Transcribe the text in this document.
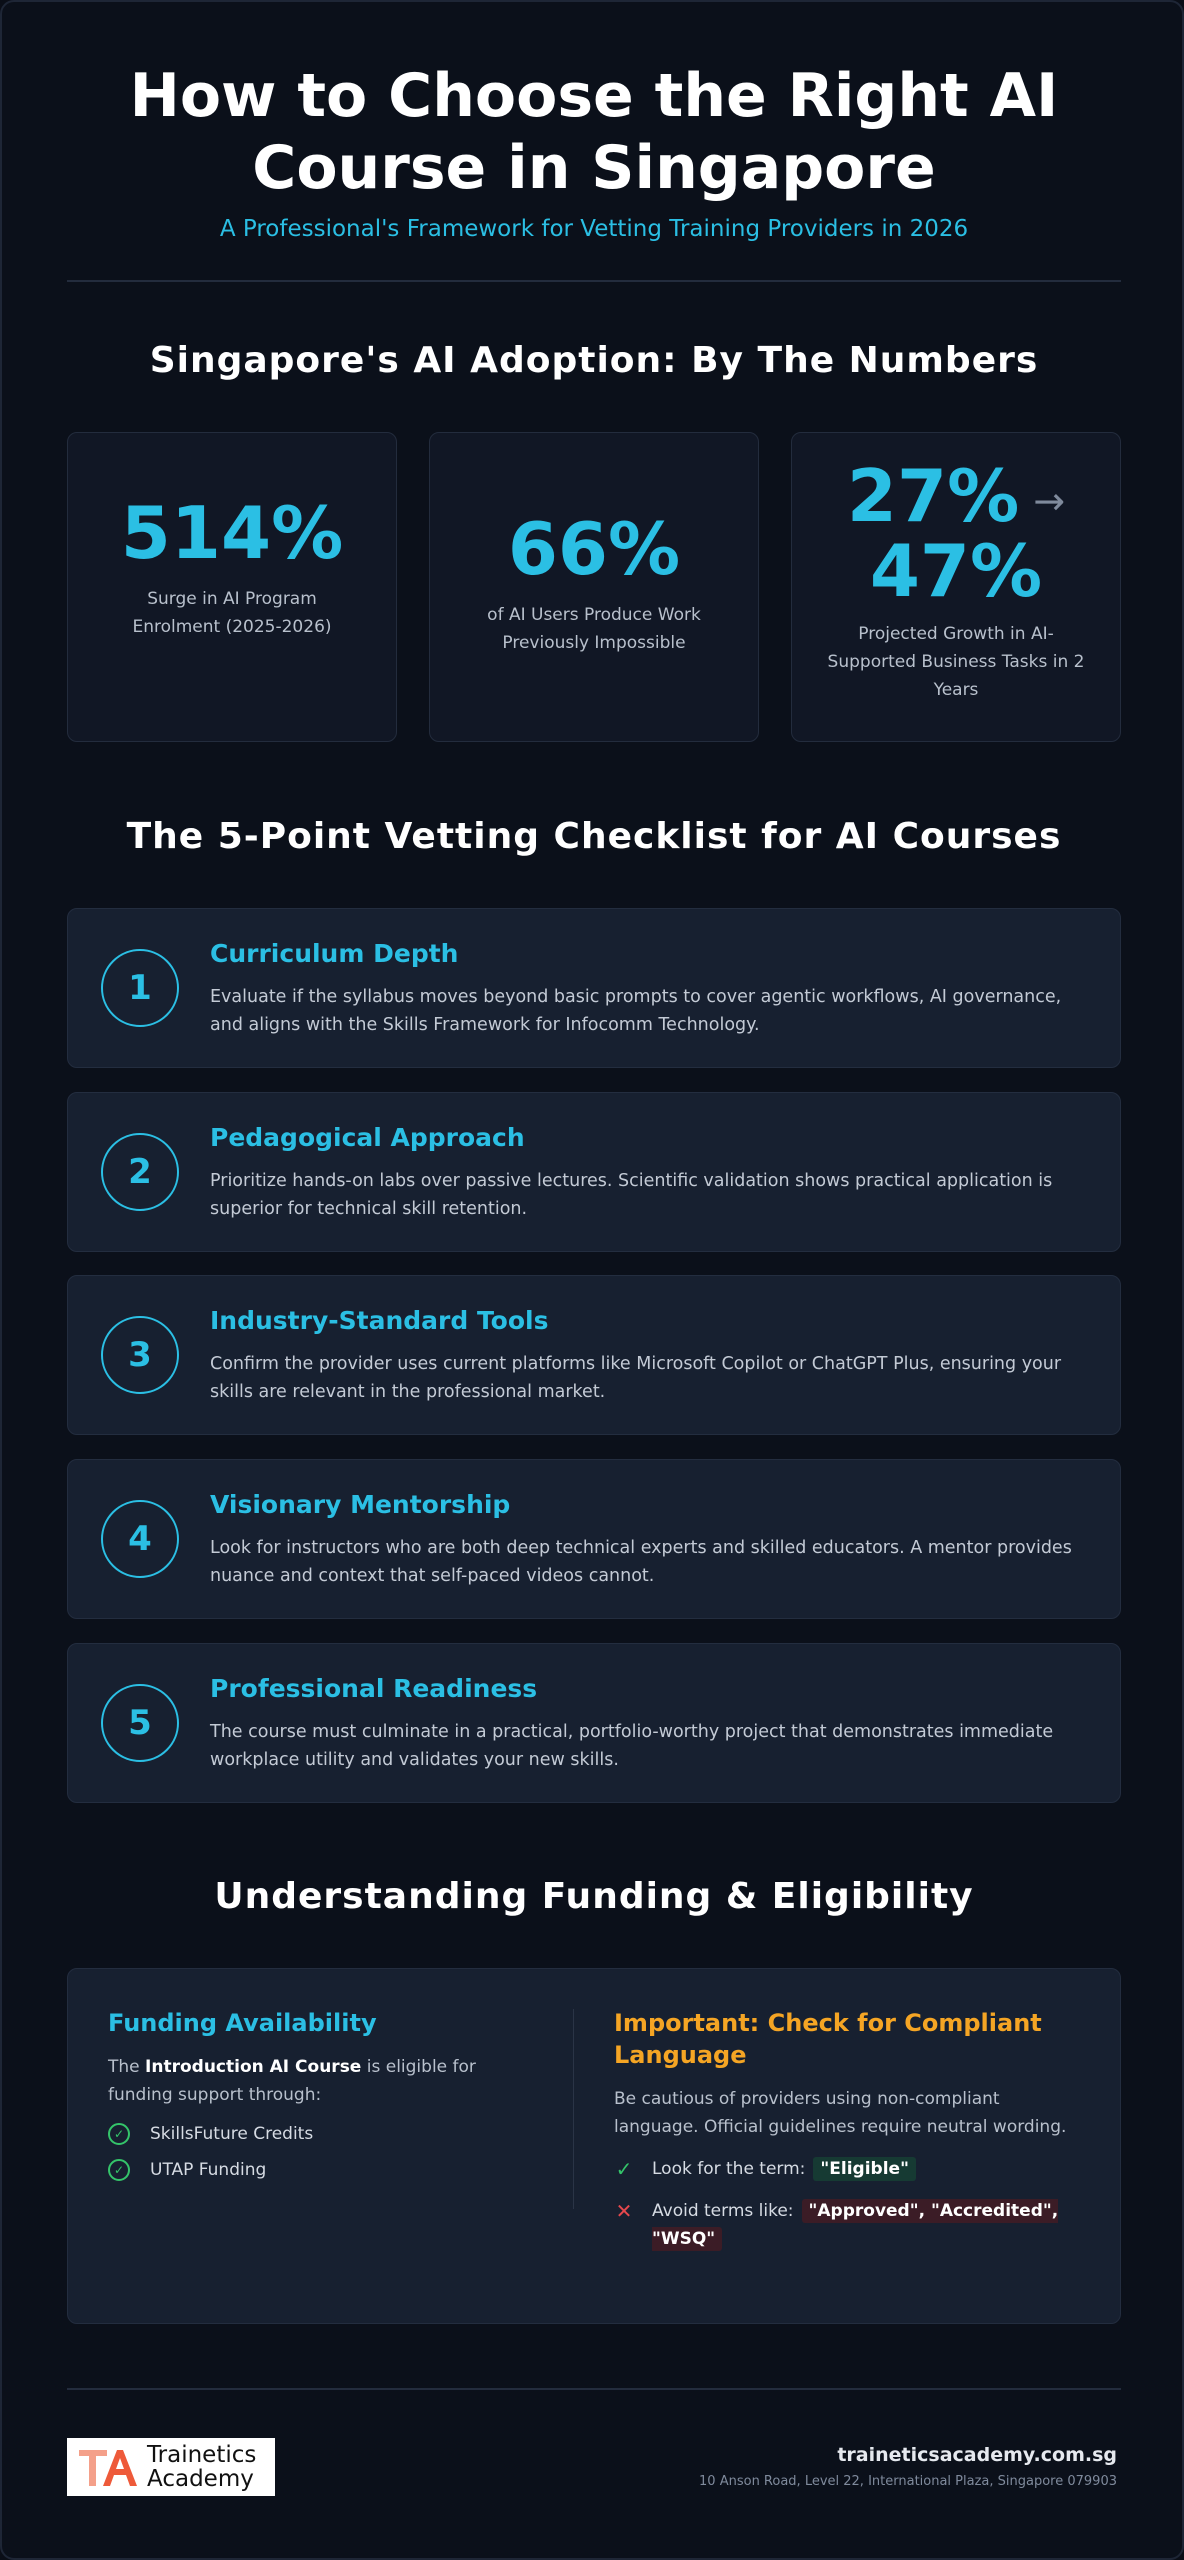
How to Choose the Right AI Course in Singapore
A Professional's Framework for Vetting Training Providers in 2026
Singapore's AI Adoption: By The Numbers
514%
Surge in AI Program Enrolment (2025-2026)
66%
of AI Users Produce Work Previously Impossible
27% →
47%
Projected Growth in AI-Supported Business Tasks in 2 Years
The 5-Point Vetting Checklist for AI Courses
1
Curriculum Depth
Evaluate if the syllabus moves beyond basic prompts to cover agentic workflows, AI governance, and aligns with the Skills Framework for Infocomm Technology.
2
Pedagogical Approach
Prioritize hands-on labs over passive lectures. Scientific validation shows practical application is superior for technical skill retention.
3
Industry-Standard Tools
Confirm the provider uses current platforms like Microsoft Copilot or ChatGPT Plus, ensuring your skills are relevant in the professional market.
4
Visionary Mentorship
Look for instructors who are both deep technical experts and skilled educators. A mentor provides nuance and context that self-paced videos cannot.
5
Professional Readiness
The course must culminate in a practical, portfolio-worthy project that demonstrates immediate workplace utility and validates your new skills.
Understanding Funding & Eligibility
Funding Availability
The Introduction AI Course is eligible for funding support through:
✓	SkillsFuture Credits
✓	UTAP Funding
Important: Check for Compliant Language
Be cautious of providers using non-compliant language. Official guidelines require neutral wording.
✓ Look for the term: "Eligible"
✕ Avoid terms like: "Approved", "Accredited", "WSQ"
Trainetics
Academy
traineticsacademy.com.sg
10 Anson Road, Level 22, International Plaza, Singapore 079903
